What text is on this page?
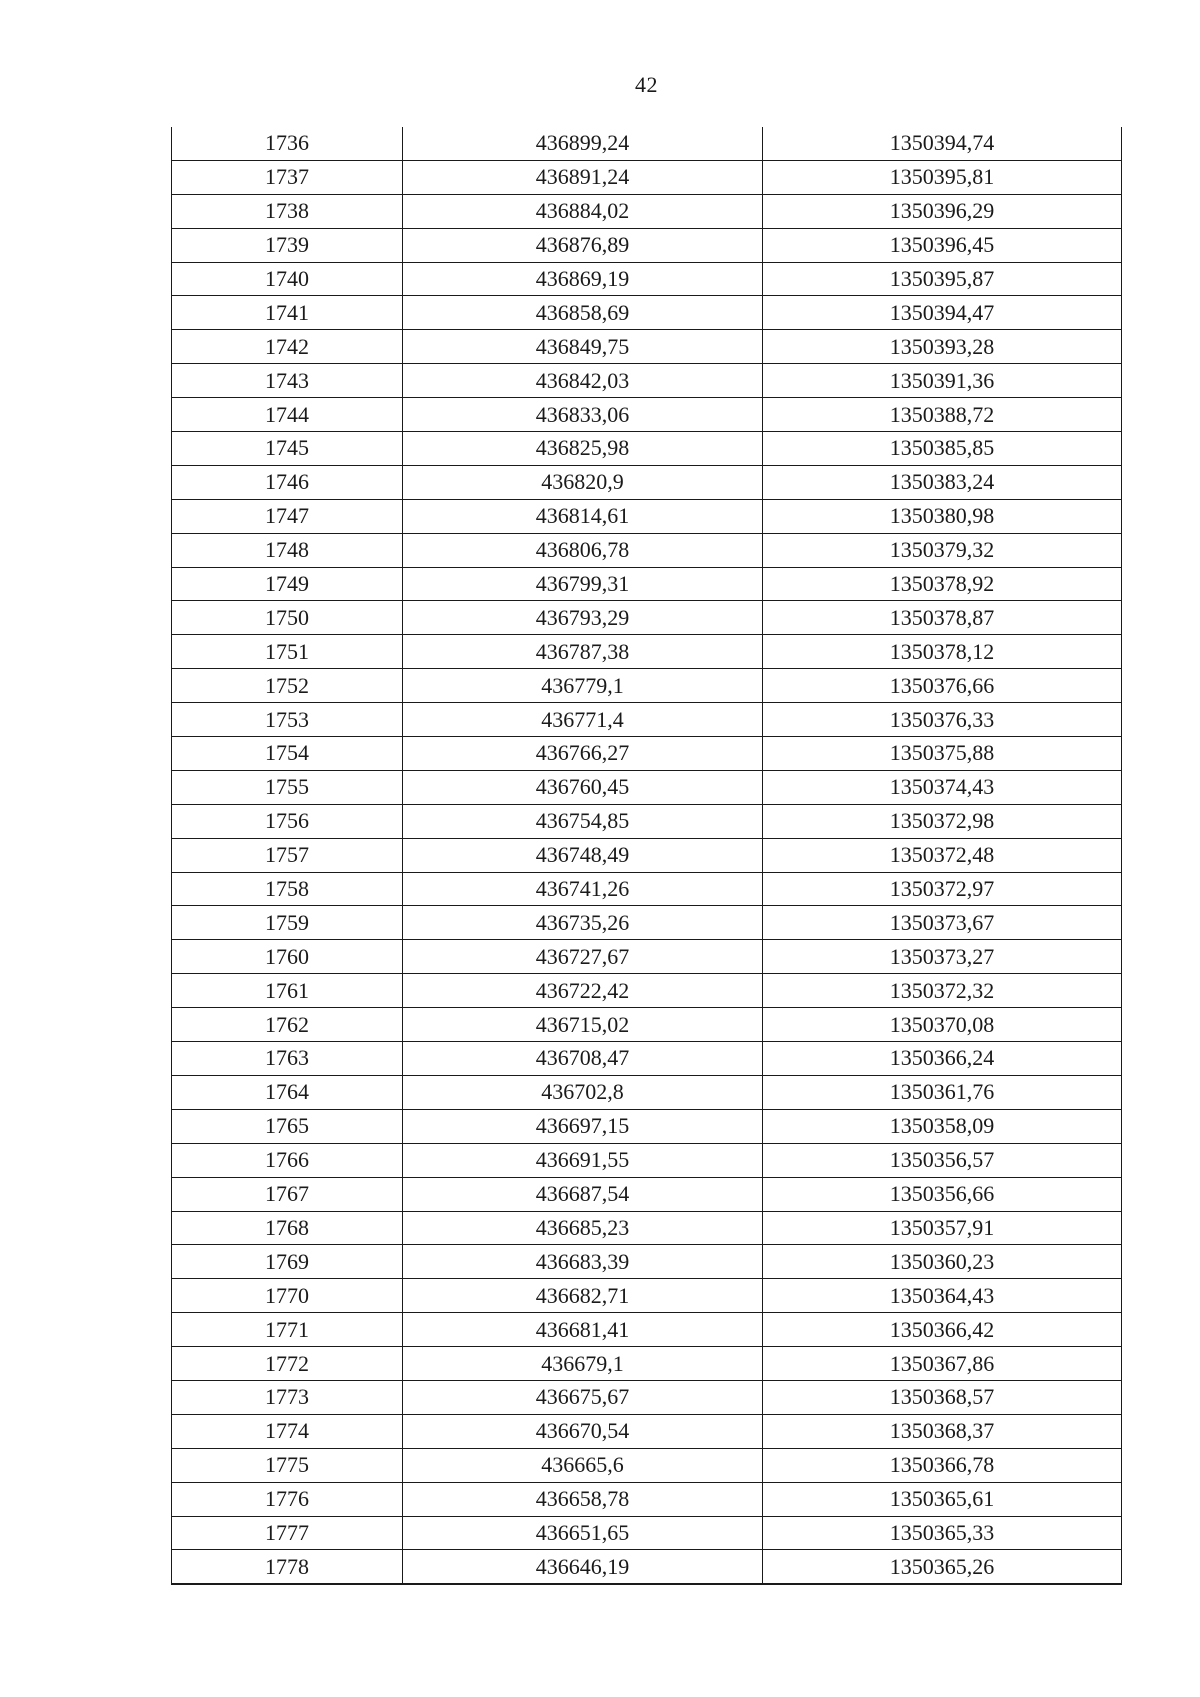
42
1736	436899,24	1350394,74
1737	436891,24	1350395,81
1738	436884,02	1350396,29
1739	436876,89	1350396,45
1740	436869,19	1350395,87
1741	436858,69	1350394,47
1742	436849,75	1350393,28
1743	436842,03	1350391,36
1744	436833,06	1350388,72
1745	436825,98	1350385,85
1746	436820,9	1350383,24
1747	436814,61	1350380,98
1748	436806,78	1350379,32
1749	436799,31	1350378,92
1750	436793,29	1350378,87
1751	436787,38	1350378,12
1752	436779,1	1350376,66
1753	436771,4	1350376,33
1754	436766,27	1350375,88
1755	436760,45	1350374,43
1756	436754,85	1350372,98
1757	436748,49	1350372,48
1758	436741,26	1350372,97
1759	436735,26	1350373,67
1760	436727,67	1350373,27
1761	436722,42	1350372,32
1762	436715,02	1350370,08
1763	436708,47	1350366,24
1764	436702,8	1350361,76
1765	436697,15	1350358,09
1766	436691,55	1350356,57
1767	436687,54	1350356,66
1768	436685,23	1350357,91
1769	436683,39	1350360,23
1770	436682,71	1350364,43
1771	436681,41	1350366,42
1772	436679,1	1350367,86
1773	436675,67	1350368,57
1774	436670,54	1350368,37
1775	436665,6	1350366,78
1776	436658,78	1350365,61
1777	436651,65	1350365,33
1778	436646,19	1350365,26
